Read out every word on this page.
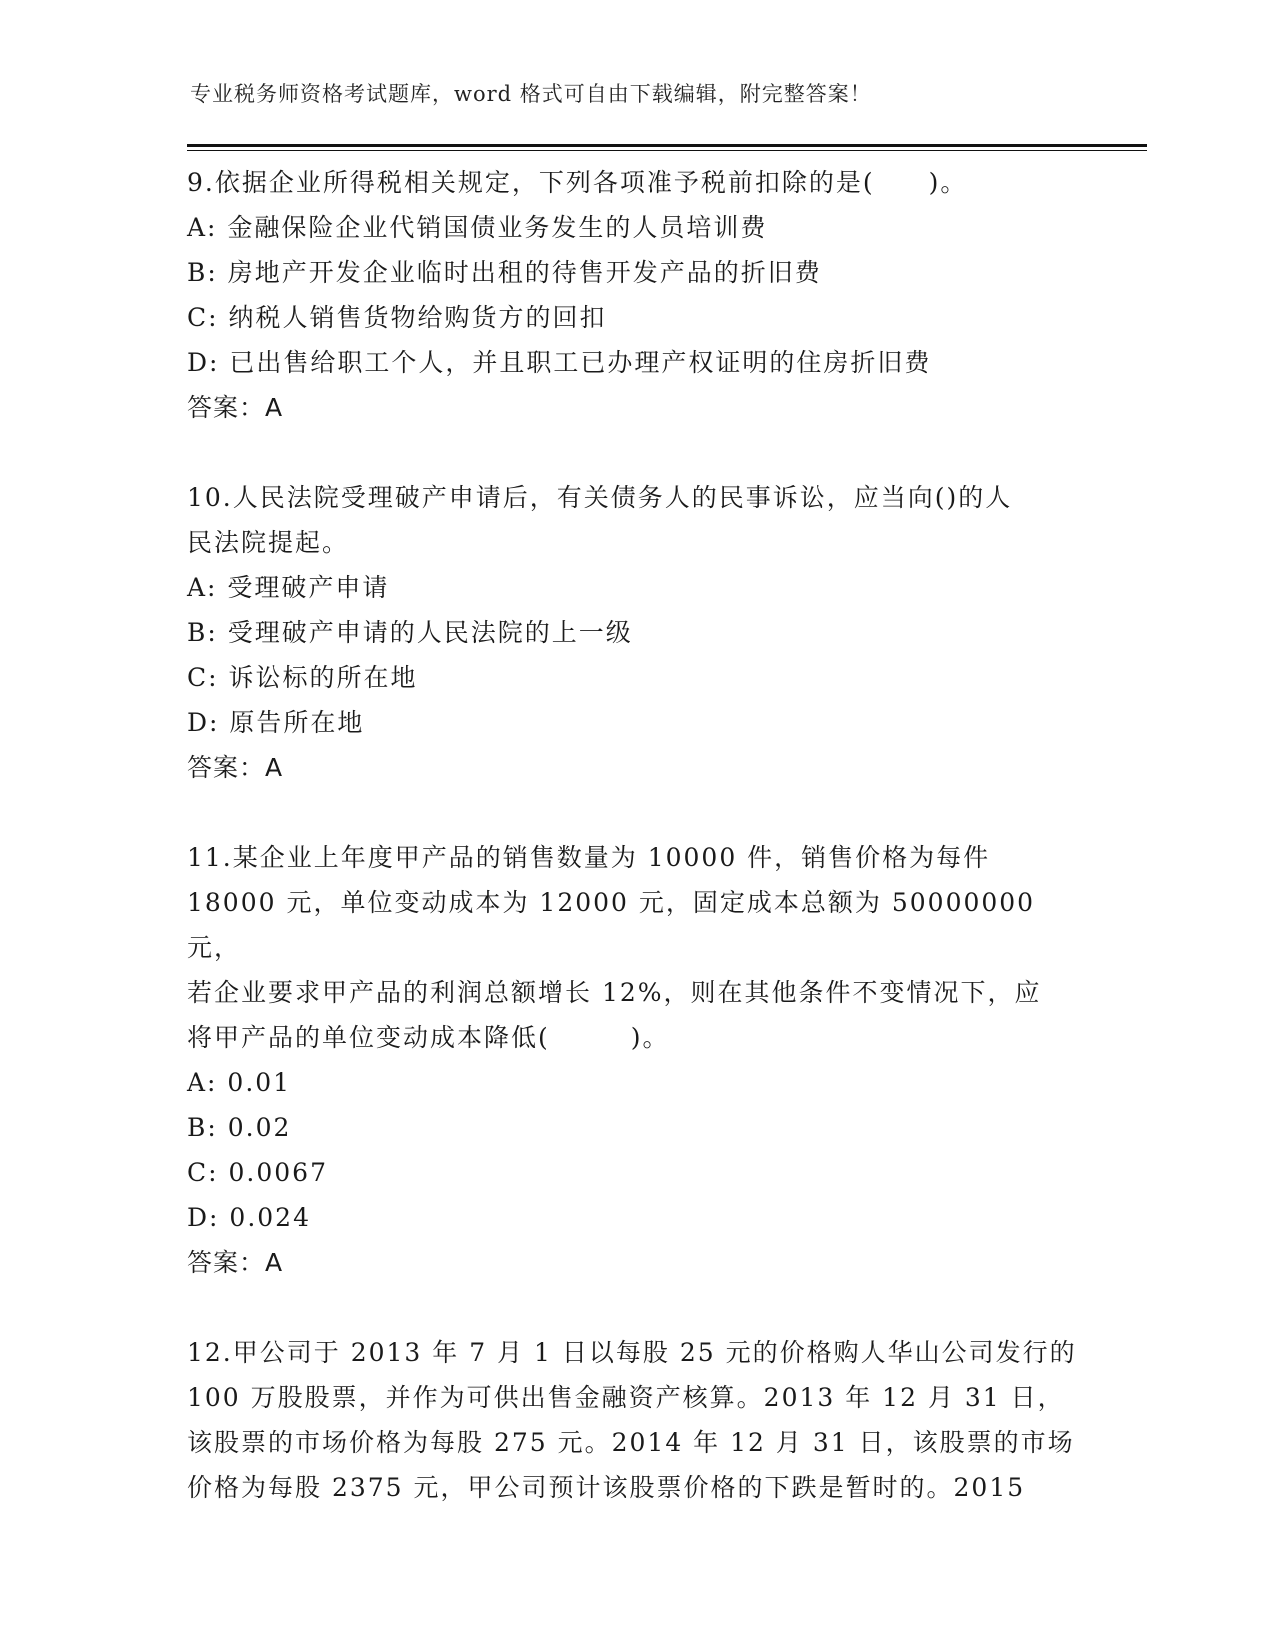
专业税务师资格考试题库，word 格式可自由下载编辑，附完整答案！

9.依据企业所得税相关规定，下列各项准予税前扣除的是(　　)。

A: 金融保险企业代销国债业务发生的人员培训费

B: 房地产开发企业临时出租的待售开发产品的折旧费

C: 纳税人销售货物给购货方的回扣

D: 已出售给职工个人，并且职工已办理产权证明的住房折旧费

答案：A

10.人民法院受理破产申请后，有关债务人的民事诉讼，应当向()的人

民法院提起。

A: 受理破产申请

B: 受理破产申请的人民法院的上一级

C: 诉讼标的所在地

D: 原告所在地

答案：A

11.某企业上年度甲产品的销售数量为 10000 件，销售价格为每件

18000 元，单位变动成本为 12000 元，固定成本总额为 50000000 元，

若企业要求甲产品的利润总额增长 12%，则在其他条件不变情况下，应

将甲产品的单位变动成本降低(　　　)。

A: 0.01

B: 0.02

C: 0.0067

D: 0.024

答案：A

12.甲公司于 2013 年 7 月 1 日以每股 25 元的价格购人华山公司发行的

100 万股股票，并作为可供出售金融资产核算。2013 年 12 月 31 日，

该股票的市场价格为每股 275 元。2014 年 12 月 31 日，该股票的市场

价格为每股 2375 元，甲公司预计该股票价格的下跌是暂时的。2015
